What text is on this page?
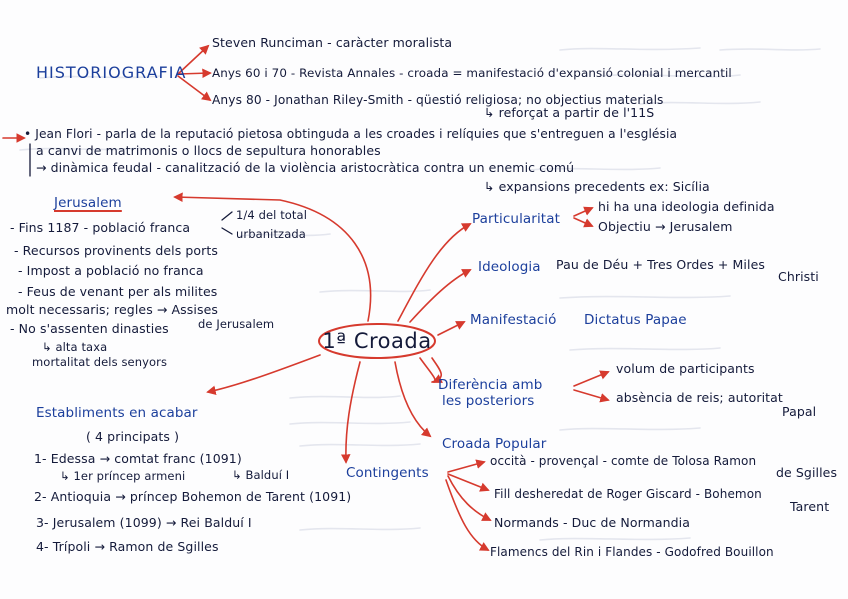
HISTORIOGRAFIA
Steven Runciman - caràcter moralista
Anys 60 i 70 - Revista Annales - croada = manifestació d'expansió colonial i mercantil
Anys 80 - Jonathan Riley-Smith - qüestió religiosa; no objectius materials
↳ reforçat a partir de l'11S
• Jean Flori - parla de la reputació pietosa obtinguda a les croades i relíquies que s'entreguen a l'església
a canvi de matrimonis o llocs de sepultura honorables
→ dinàmica feudal - canalització de la violència aristocràtica contra un enemic comú
↳ expansions precedents ex: Sicília
Jerusalem
- Fins 1187 - població franca
1/4 del total
urbanitzada
- Recursos provinents dels ports
- Impost a població no franca
- Feus de venant per als milites
molt necessaris; regles → Assises
de Jerusalem
- No s'assenten dinasties
↳ alta taxa
mortalitat dels senyors
Establiments en acabar
( 4 principats )
1- Edessa → comtat franc (1091)
↳ 1er príncep armeni	↳ Balduí I
2- Antioquia → príncep Bohemon de Tarent (1091)
3- Jerusalem (1099) → Rei Balduí I
4- Trípoli → Ramon de Sgilles
1ª Croada
Particularitat
hi ha una ideologia definida
Objectiu → Jerusalem
Ideologia Pau de Déu + Tres Ordes + Miles
Christi
Manifestació Dictatus Papae
Diferència amb
les posteriors
volum de participants
absència de reis; autoritat
Papal
Croada Popular
Contingents
occità - provençal - comte de Tolosa Ramon
de Sgilles
Fill desheredat de Roger Giscard - Bohemon
Tarent
Normands - Duc de Normandia
Flamencs del Rin i Flandes - Godofred Bouillon
